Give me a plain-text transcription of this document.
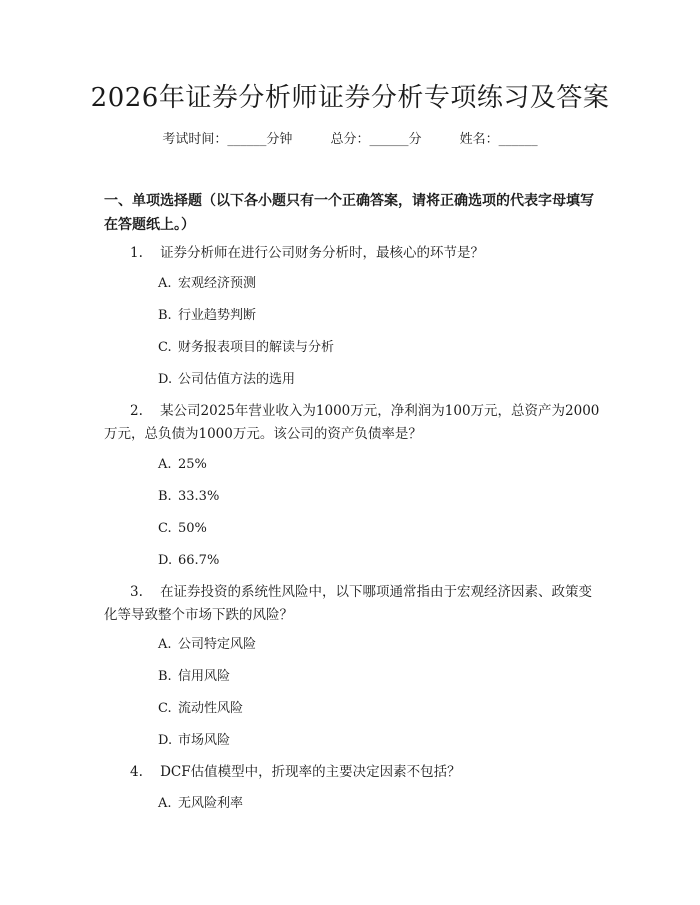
2026年证券分析师证券分析专项练习及答案
考试时间：______分钟	总分：______分	姓名：______
一、单项选择题（以下各小题只有一个正确答案，请将正确选项的代表字母填写在答题纸上。）
1. 证券分析师在进行公司财务分析时，最核心的环节是？
A. 宏观经济预测
B. 行业趋势判断
C. 财务报表项目的解读与分析
D. 公司估值方法的选用
2. 某公司2025年营业收入为1000万元，净利润为100万元，总资产为2000万元，总负债为1000万元。该公司的资产负债率是？
A. 25%
B. 33.3%
C. 50%
D. 66.7%
3. 在证券投资的系统性风险中，以下哪项通常指由于宏观经济因素、政策变化等导致整个市场下跌的风险？
A. 公司特定风险
B. 信用风险
C. 流动性风险
D. 市场风险
4. DCF估值模型中，折现率的主要决定因素不包括？
A. 无风险利率
